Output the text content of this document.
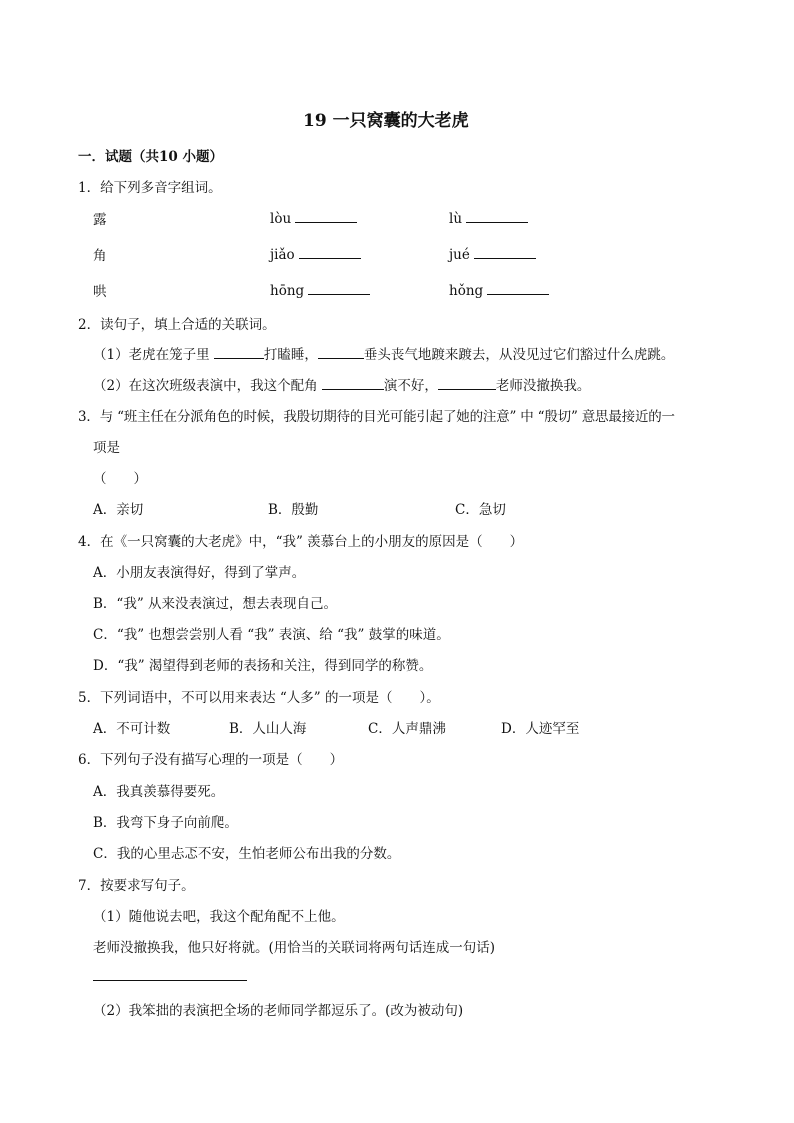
19 一只窝囊的大老虎
一．试题（共10 小题）
1．给下列多音字组词。
露	lòu	lù
角	jiǎo	jué
哄	hōng	hǒng
2．读句子，填上合适的关联词。
（1）老虎在笼子里	打瞌睡，	垂头丧气地踱来踱去，从没见过它们豁过什么虎跳。
（2）在这次班级表演中，我这个配角	演不好，	老师没撤换我。
3．与 “班主任在分派角色的时候，我殷切期待的目光可能引起了她的注意” 中 “殷切” 意思最接近的一
项是
（　　）
A．亲切	B．殷勤	C．急切
4．在《一只窝囊的大老虎》中，“我” 羡慕台上的小朋友的原因是（　　）
A．小朋友表演得好，得到了掌声。
B．“我” 从来没表演过，想去表现自己。
C．“我” 也想尝尝别人看 “我” 表演、给 “我” 鼓掌的味道。
D．“我” 渴望得到老师的表扬和关注，得到同学的称赞。
5．下列词语中，不可以用来表达 “人多” 的一项是（　　）。
A．不可计数	B．人山人海	C．人声鼎沸	D．人迹罕至
6．下列句子没有描写心理的一项是（　　）
A．我真羡慕得要死。
B．我弯下身子向前爬。
C．我的心里忐忑不安，生怕老师公布出我的分数。
7．按要求写句子。
（1）随他说去吧，我这个配角配不上他。
老师没撤换我，他只好将就。(用恰当的关联词将两句话连成一句话)
（2）我笨拙的表演把全场的老师同学都逗乐了。(改为被动句)
